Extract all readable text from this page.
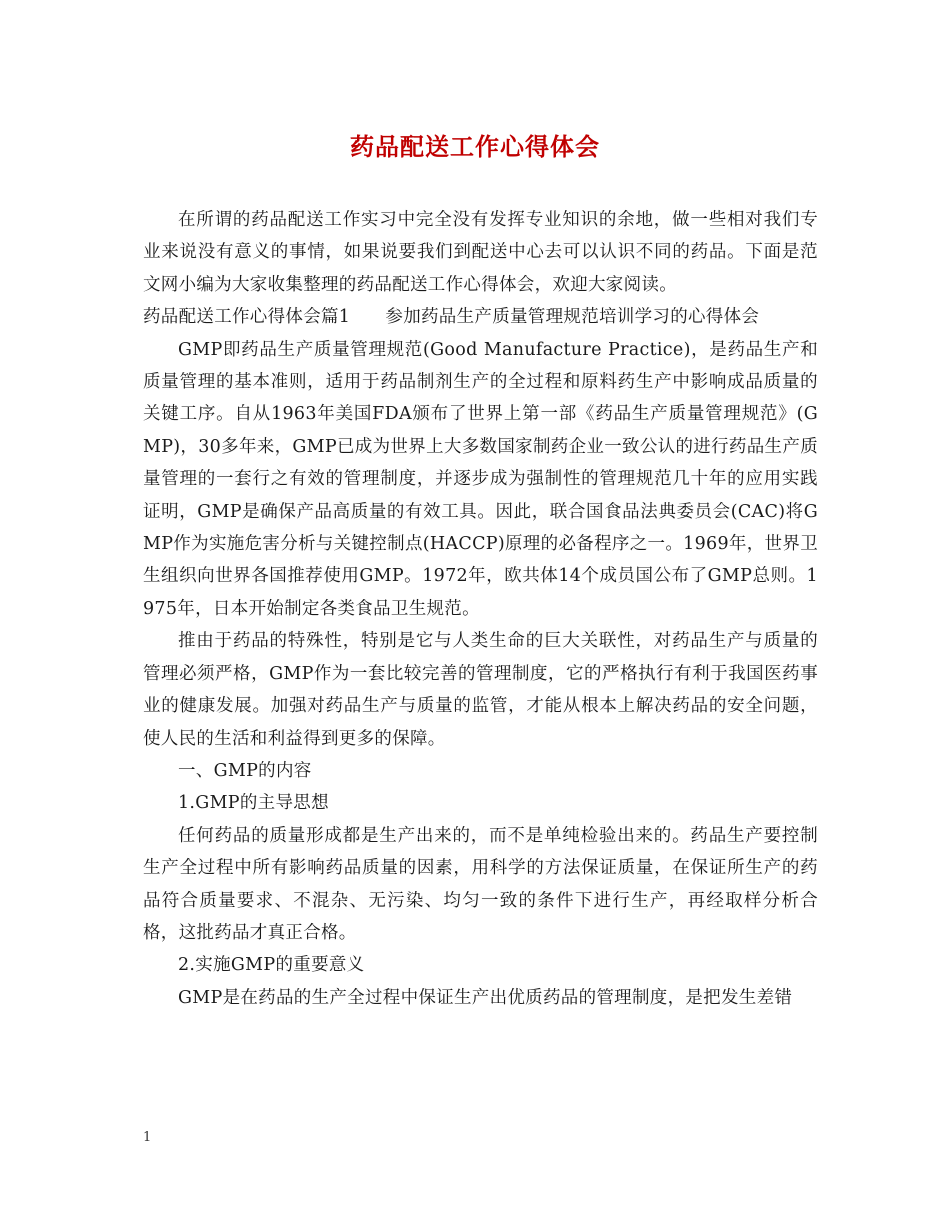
药品配送工作心得体会

在所谓的药品配送工作实习中完全没有发挥专业知识的余地，做一些相对我们专业来说没有意义的事情，如果说要我们到配送中心去可以认识不同的药品。下面是范文网小编为大家收集整理的药品配送工作心得体会，欢迎大家阅读。

药品配送工作心得体会篇1      参加药品生产质量管理规范培训学习的心得体会

GMP即药品生产质量管理规范(Good Manufacture Practice)，是药品生产和质量管理的基本准则，适用于药品制剂生产的全过程和原料药生产中影响成品质量的关键工序。自从1963年美国FDA颁布了世界上第一部《药品生产质量管理规范》(GMP)，30多年来，GMP已成为世界上大多数国家制药企业一致公认的进行药品生产质量管理的一套行之有效的管理制度，并逐步成为强制性的管理规范几十年的应用实践证明，GMP是确保产品高质量的有效工具。因此，联合国食品法典委员会(CAC)将GMP作为实施危害分析与关键控制点(HACCP)原理的必备程序之一。1969年，世界卫生组织向世界各国推荐使用GMP。1972年，欧共体14个成员国公布了GMP总则。1975年，日本开始制定各类食品卫生规范。

推由于药品的特殊性，特别是它与人类生命的巨大关联性，对药品生产与质量的管理必须严格，GMP作为一套比较完善的管理制度，它的严格执行有利于我国医药事业的健康发展。加强对药品生产与质量的监管，才能从根本上解决药品的安全问题，使人民的生活和利益得到更多的保障。

一、GMP的内容

1.GMP的主导思想

任何药品的质量形成都是生产出来的，而不是单纯检验出来的。药品生产要控制生产全过程中所有影响药品质量的因素，用科学的方法保证质量，在保证所生产的药品符合质量要求、不混杂、无污染、均匀一致的条件下进行生产，再经取样分析合格，这批药品才真正合格。

2.实施GMP的重要意义

GMP是在药品的生产全过程中保证生产出优质药品的管理制度，是把发生差错

1
